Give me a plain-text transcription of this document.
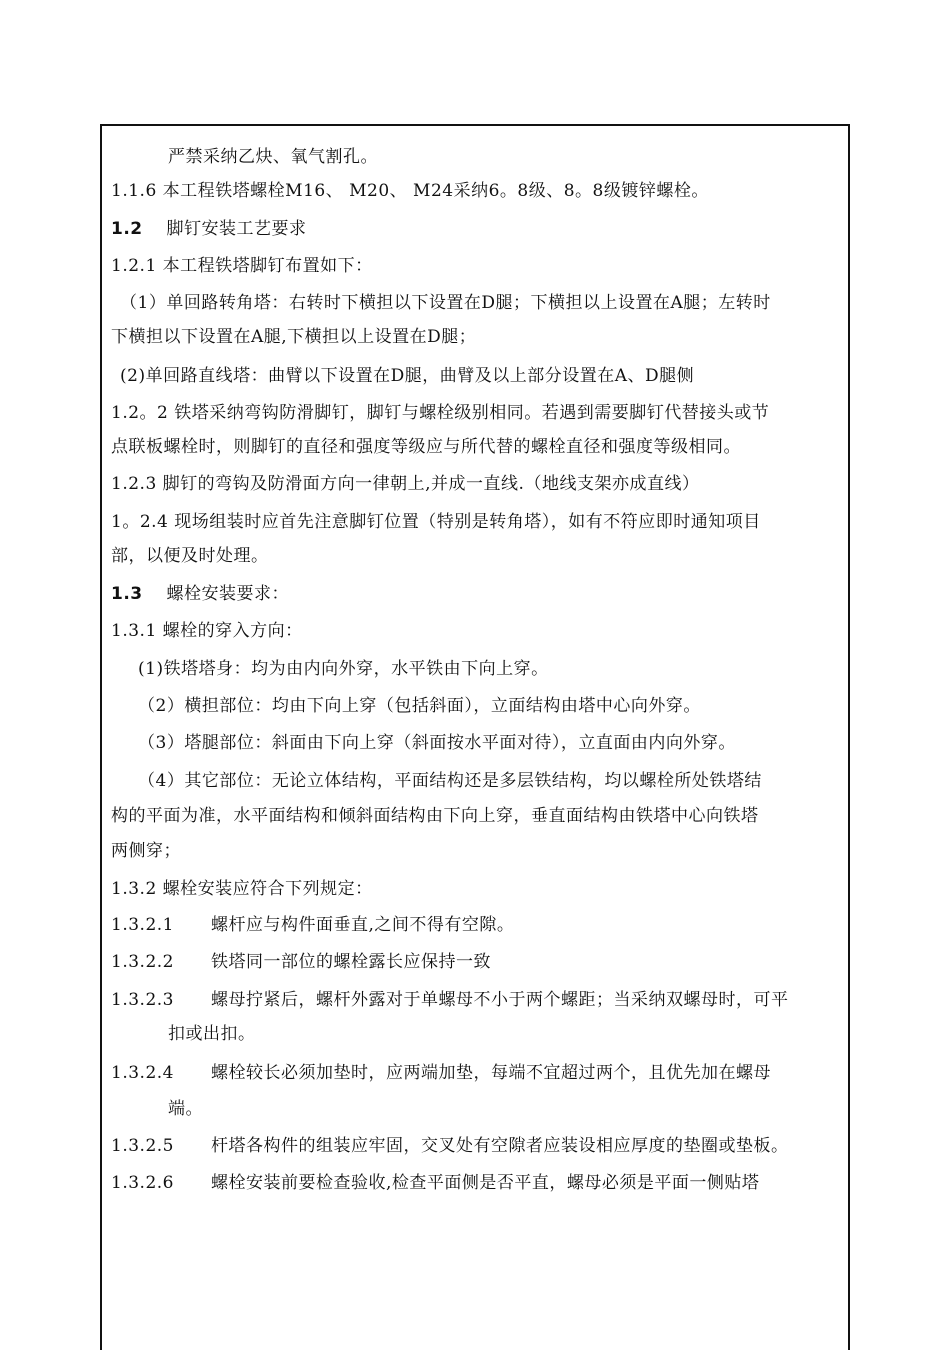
严禁采纳乙炔、氧气割孔。
1.1.6 本工程铁塔螺栓M16、 M20、 M24采纳6。8级、8。8级镀锌螺栓。
1.2 脚钉安装工艺要求
1.2.1 本工程铁塔脚钉布置如下：
（1）单回路转角塔：右转时下横担以下设置在D腿；下横担以上设置在A腿；左转时
下横担以下设置在A腿,下横担以上设置在D腿；
(2)单回路直线塔：曲臂以下设置在D腿，曲臂及以上部分设置在A、D腿侧
1.2。2 铁塔采纳弯钩防滑脚钉，脚钉与螺栓级别相同。若遇到需要脚钉代替接头或节
点联板螺栓时，则脚钉的直径和强度等级应与所代替的螺栓直径和强度等级相同。
1.2.3 脚钉的弯钩及防滑面方向一律朝上,并成一直线.（地线支架亦成直线）
1。2.4 现场组装时应首先注意脚钉位置（特别是转角塔），如有不符应即时通知项目
部，以便及时处理。
1.3 螺栓安装要求：
1.3.1 螺栓的穿入方向：
(1)铁塔塔身：均为由内向外穿，水平铁由下向上穿。
（2）横担部位：均由下向上穿（包括斜面），立面结构由塔中心向外穿。
（3）塔腿部位：斜面由下向上穿（斜面按水平面对待），立直面由内向外穿。
（4）其它部位：无论立体结构，平面结构还是多层铁结构，均以螺栓所处铁塔结
构的平面为准，水平面结构和倾斜面结构由下向上穿，垂直面结构由铁塔中心向铁塔
两侧穿；
1.3.2 螺栓安装应符合下列规定：
1.3.2.1 螺杆应与构件面垂直,之间不得有空隙。
1.3.2.2 铁塔同一部位的螺栓露长应保持一致
1.3.2.3 螺母拧紧后，螺杆外露对于单螺母不小于两个螺距；当采纳双螺母时，可平
扣或出扣。
1.3.2.4 螺栓较长必须加垫时，应两端加垫，每端不宜超过两个，且优先加在螺母
端。
1.3.2.5 杆塔各构件的组装应牢固，交叉处有空隙者应装设相应厚度的垫圈或垫板。
1.3.2.6 螺栓安装前要检查验收,检查平面侧是否平直，螺母必须是平面一侧贴塔
